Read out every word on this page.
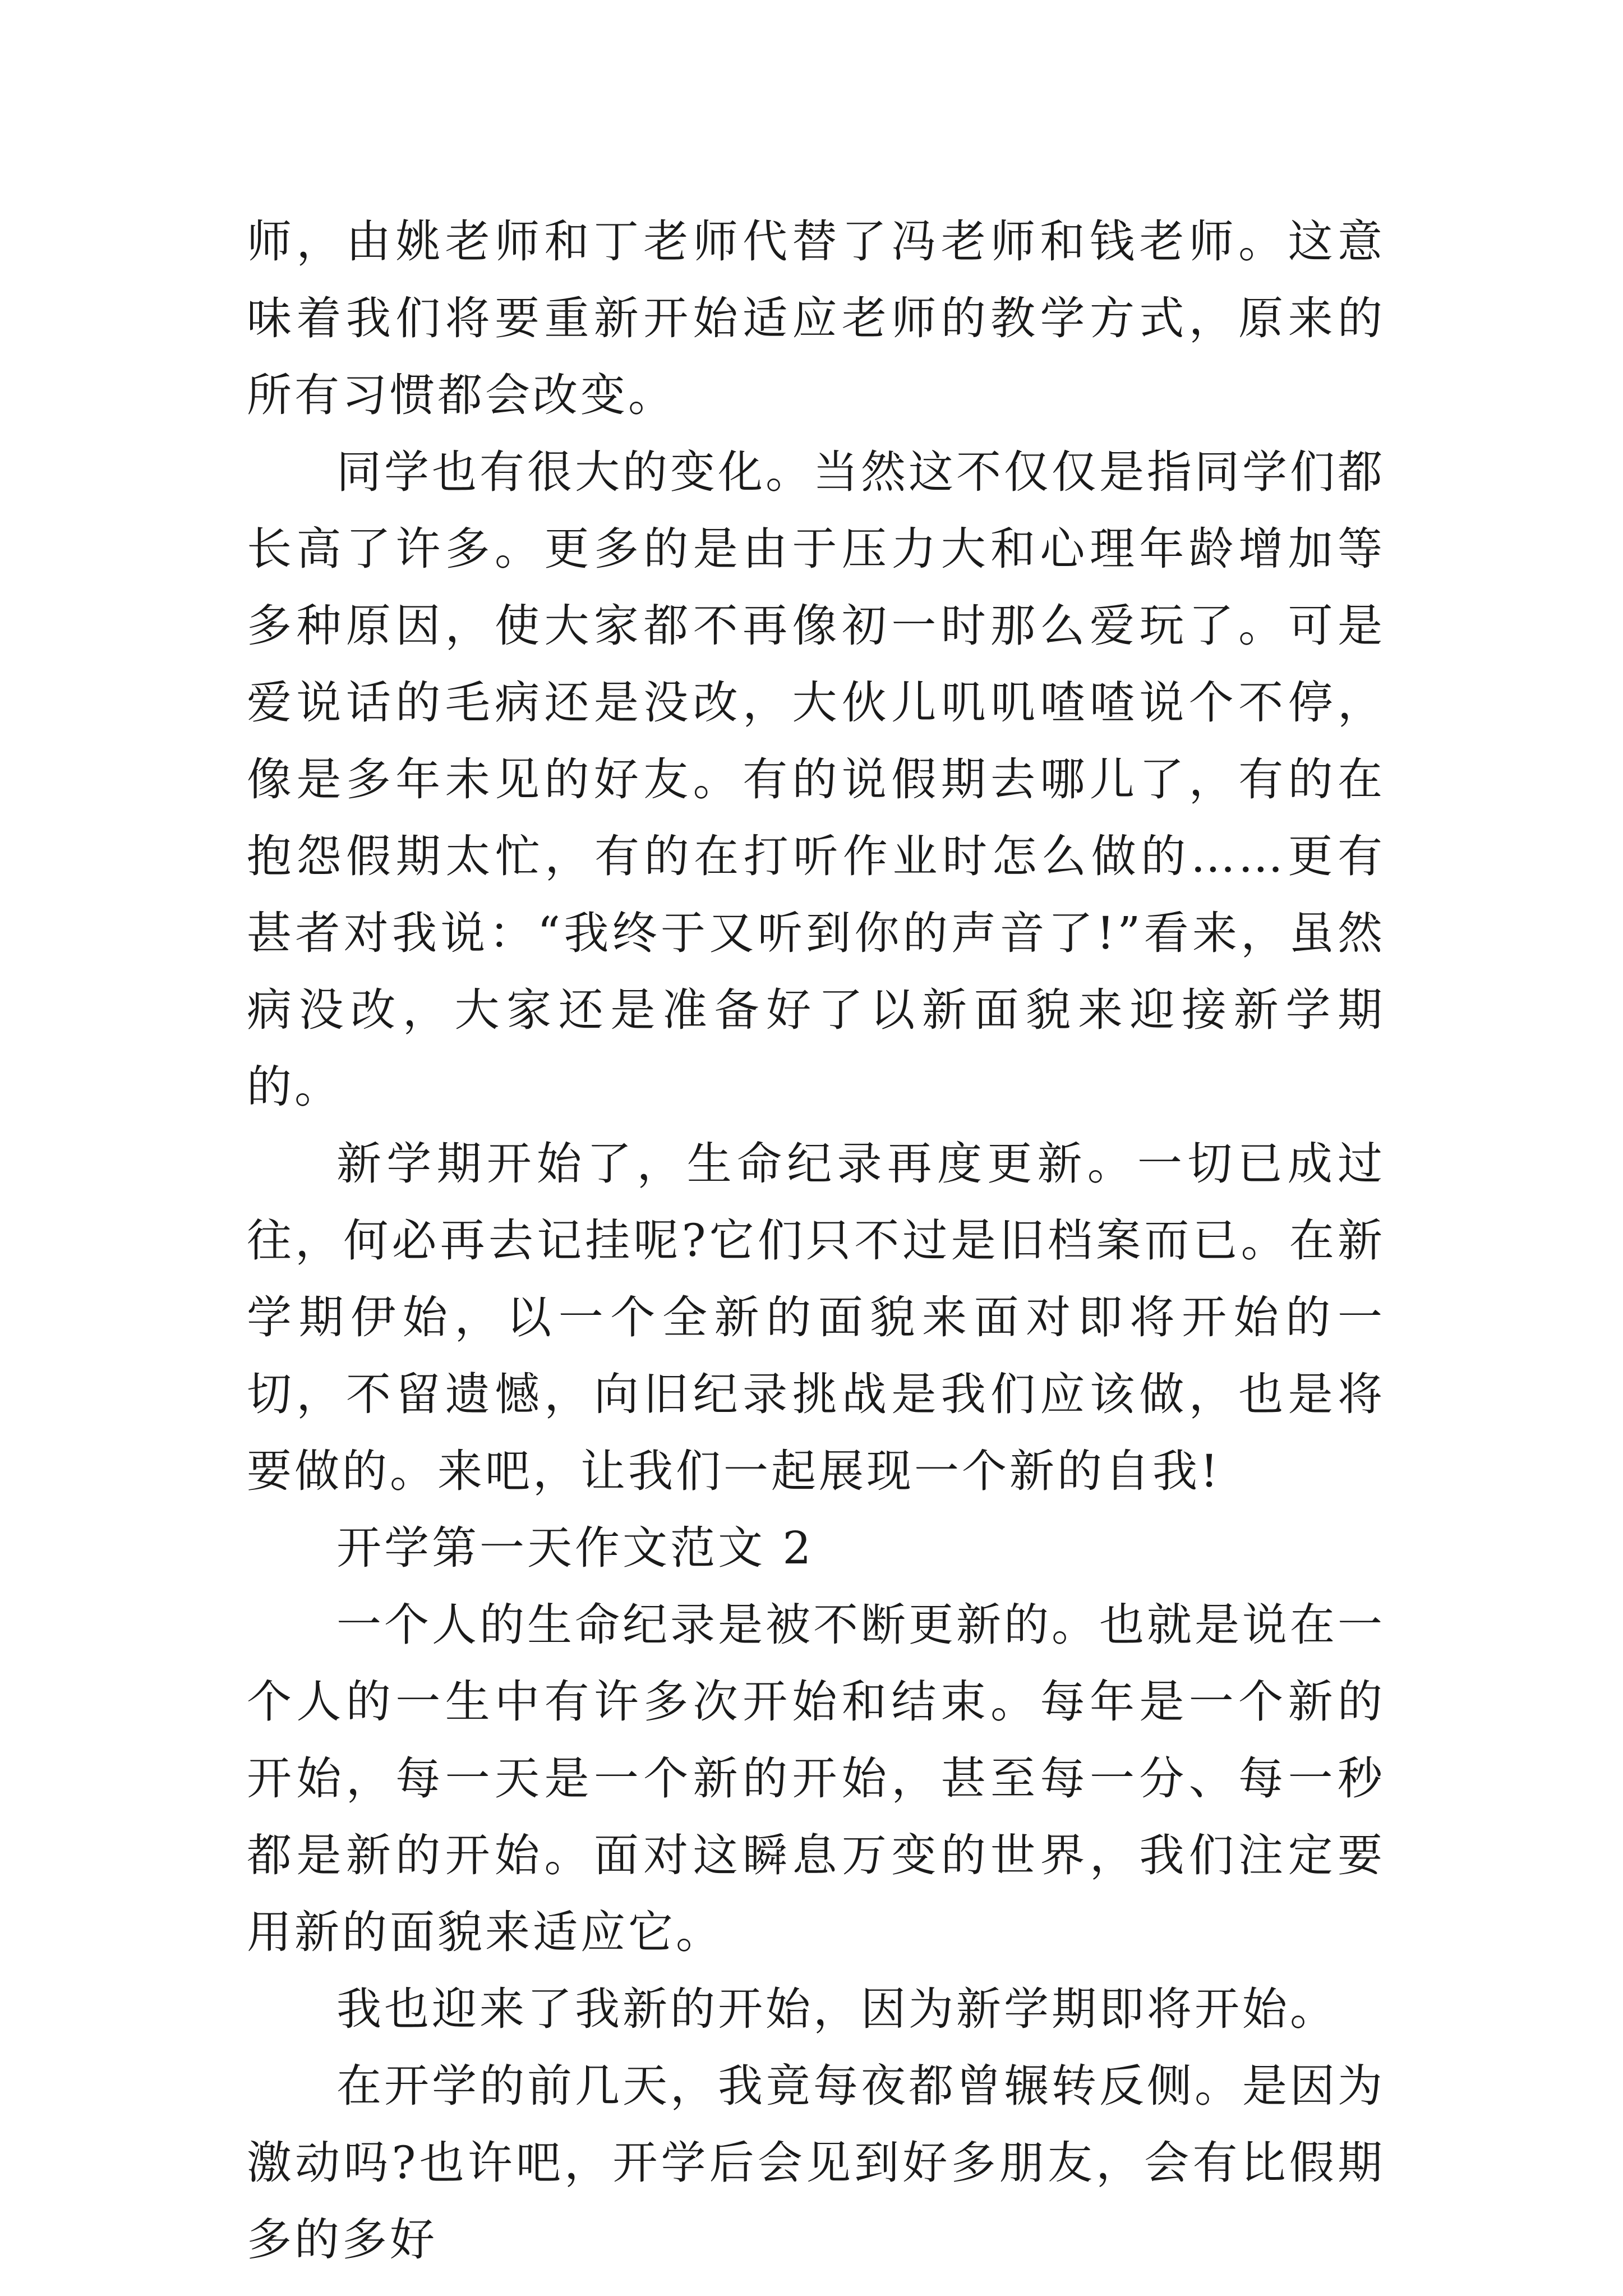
师，由姚老师和丁老师代替了冯老师和钱老师。这意味着我们将要重新开始适应老师的教学方式，原来的所有习惯都会改变。

同学也有很大的变化。当然这不仅仅是指同学们都长高了许多。更多的是由于压力大和心理年龄增加等多种原因，使大家都不再像初一时那么爱玩了。可是爱说话的毛病还是没改，大伙儿叽叽喳喳说个不停，像是多年未见的好友。有的说假期去哪儿了，有的在抱怨假期太忙，有的在打听作业时怎么做的……更有甚者对我说：“我终于又听到你的声音了!”看来，虽然病没改，大家还是准备好了以新面貌来迎接新学期的。

新学期开始了，生命纪录再度更新。一切已成过往，何必再去记挂呢?它们只不过是旧档案而已。在新学期伊始，以一个全新的面貌来面对即将开始的一切，不留遗憾，向旧纪录挑战是我们应该做，也是将要做的。来吧，让我们一起展现一个新的自我!

开学第一天作文范文 2

一个人的生命纪录是被不断更新的。也就是说在一个人的一生中有许多次开始和结束。每年是一个新的开始，每一天是一个新的开始，甚至每一分、每一秒都是新的开始。面对这瞬息万变的世界，我们注定要用新的面貌来适应它。

我也迎来了我新的开始，因为新学期即将开始。

在开学的前几天，我竟每夜都曾辗转反侧。是因为激动吗?也许吧，开学后会见到好多朋友，会有比假期多的多好
